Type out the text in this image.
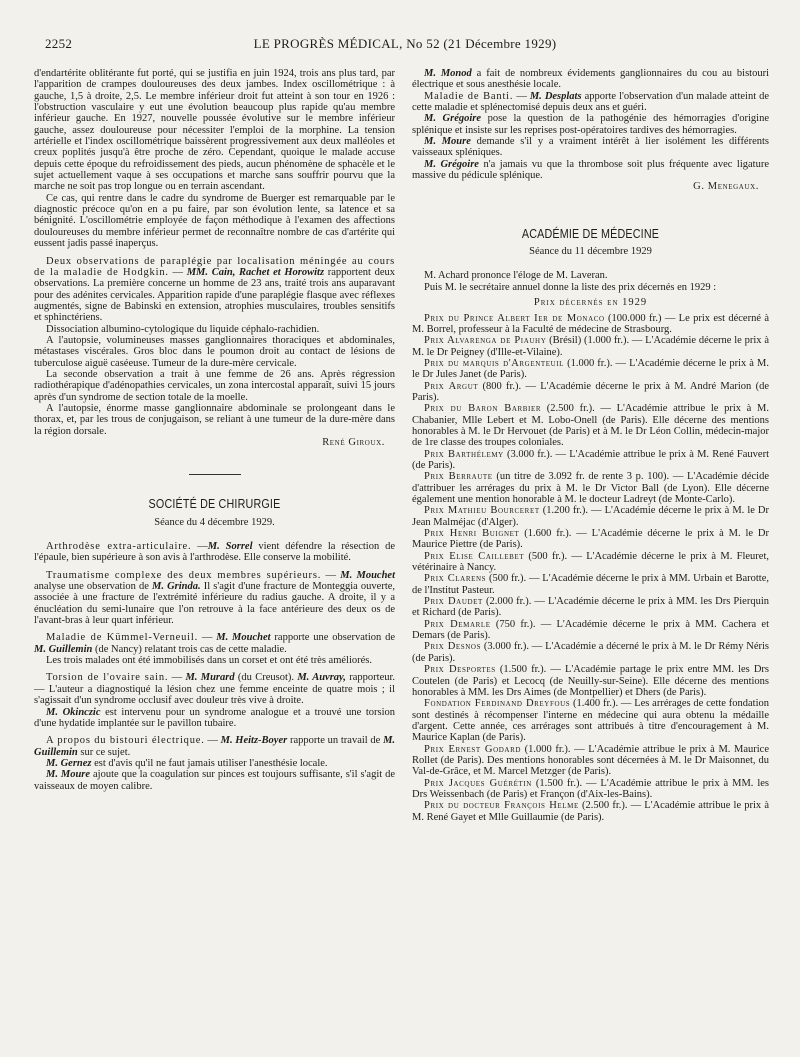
2252	LE PROGRÈS MÉDICAL, No 52 (21 Décembre 1929)

d'endartérite oblitérante fut porté, qui se justifia en juin 1924, trois ans plus tard, par l'apparition de crampes douloureuses des deux jambes. Index oscillométrique : à gauche, 1,5 à droite, 2,5. Le membre inférieur droit fut atteint à son tour en 1926 : l'obstruction vasculaire y eut une évolution beaucoup plus rapide qu'au membre inférieur gauche. En 1927, nouvelle poussée évolutive sur le membre inférieur gauche, assez douloureuse pour nécessiter l'emploi de la morphine. La tension artérielle et l'index oscillométrique baissèrent progressivement aux deux malléoles et creux poplités jusqu'à être proche de zéro. Cependant, quoique le malade accuse depuis cette époque du refroidissement des pieds, aucun phénomène de sphacèle et le sujet actuellement vaque à ses occupations et marche sans souffrir pourvu que la marche ne soit pas trop longue ou en terrain ascendant.

Ce cas, qui rentre dans le cadre du syndrome de Buerger est remarquable par le diagnostic précoce qu'on en a pu faire, par son évolution lente, sa latence et sa bénignité. L'oscillométrie employée de façon méthodique à l'examen des affections douloureuses du membre inférieur permet de reconnaître nombre de cas d'artérite qui eussent jadis passé inaperçus.

Deux observations de paraplégie par localisation méningée au cours de la maladie de Hodgkin. — MM. Cain, Rachet et Horowitz rapportent deux observations. La première concerne un homme de 23 ans, traité trois ans auparavant pour des adénites cervicales. Apparition rapide d'une paraplégie flasque avec réflexes augmentés, signe de Babinski en extension, atrophies musculaires, troubles sensitifs et sphinctériens.

Dissociation albumino-cytologique du liquide céphalo-rachidien.

A l'autopsie, volumineuses masses ganglionnaires thoraciques et abdominales, métastases viscérales. Gros bloc dans le poumon droit au contact de lésions de tuberculose aiguë caséeuse. Tumeur de la dure-mère cervicale.

La seconde observation a trait à une femme de 26 ans. Après régression radiothérapique d'adénopathies cervicales, un zona intercostal apparaît, suivi 15 jours après d'un syndrome de section totale de la moelle.

A l'autopsie, énorme masse ganglionnaire abdominale se prolongeant dans le thorax, et, par les trous de conjugaison, se reliant à une tumeur de la dure-mère dans la région dorsale.

René Giroux.

SOCIÉTÉ DE CHIRURGIE
Séance du 4 décembre 1929.

Arthrodèse extra-articulaire. —M. Sorrel vient défendre la résection de l'épaule, bien supérieure à son avis à l'arthrodèse. Elle conserve la mobilité.

Traumatisme complexe des deux membres supérieurs. — M. Mouchet analyse une observation de M. Grinda. Il s'agit d'une fracture de Monteggia ouverte, associée à une fracture de l'extrémité inférieure du radius gauche. A droite, il y a énucléation du semi-lunaire que l'on retrouve à la face antérieure des deux os de l'avant-bras à leur quart inférieur.

Maladie de Kümmel-Verneuil. — M. Mouchet rapporte une observation de M. Guillemin (de Nancy) relatant trois cas de cette maladie.

Les trois malades ont été immobilisés dans un corset et ont été très améliorés.

Torsion de l'ovaire sain. — M. Murard (du Creusot). M. Auvray, rapporteur. — L'auteur a diagnostiqué la lésion chez une femme enceinte de quatre mois ; il s'agissait d'un syndrome occlusif avec douleur très vive à droite.

M. Okinczic est intervenu pour un syndrome analogue et a trouvé une torsion d'une hydatide implantée sur le pavillon tubaire.

A propos du bistouri électrique. — M. Heitz-Boyer rapporte un travail de M. Guillemin sur ce sujet.

M. Gernez est d'avis qu'il ne faut jamais utiliser l'anesthésie locale.

M. Moure ajoute que la coagulation sur pinces est toujours suffisante, s'il s'agit de vaisseaux de moyen calibre.

M. Monod a fait de nombreux évidements ganglionnaires du cou au bistouri électrique et sous anesthésie locale.

Maladie de Banti. — M. Desplats apporte l'observation d'un malade atteint de cette maladie et splénectomisé depuis deux ans et guéri.

M. Grégoire pose la question de la pathogénie des hémorragies d'origine splénique et insiste sur les reprises post-opératoires tardives des hémorragies.

M. Moure demande s'il y a vraiment intérêt à lier isolément les différents vaisseaux spléniques.

M. Grégoire n'a jamais vu que la thrombose soit plus fréquente avec ligature massive du pédicule splénique.

G. Menegaux.

ACADÉMIE DE MÉDECINE
Séance du 11 décembre 1929

M. Achard prononce l'éloge de M. Laveran.

Puis M. le secrétaire annuel donne la liste des prix décernés en 1929 :

Prix décernés en 1929

Prix du Prince Albert Ier de Monaco (100.000 fr.) — Le prix est décerné à M. Borrel, professeur à la Faculté de médecine de Strasbourg.

Prix Alvarenga de Piauhy (Brésil) (1.000 fr.). — L'Académie décerne le prix à M. le Dr Peigney (d'Ille-et-Vilaine).

Prix du marquis d'Argenteuil (1.000 fr.). — L'Académie décerne le prix à M. le Dr Jules Janet (de Paris).

Prix Argut (800 fr.). — L'Académie décerne le prix à M. André Marion (de Paris).

Prix du Baron Barbier (2.500 fr.). — L'Académie attribue le prix à M. Chabanier, Mlle Lebert et M. Lobo-Onell (de Paris). Elle décerne des mentions honorables à M. le Dr Hervouet (de Paris) et à M. le Dr Léon Collin, médecin-major de 1re classe des troupes coloniales.

Prix Barthélemy (3.000 fr.). — L'Académie attribue le prix à M. René Fauvert (de Paris).

Prix Berraute (un titre de 3.092 fr. de rente 3 p. 100). — L'Académie décide d'attribuer les arrérages du prix à M. le Dr Victor Ball (de Lyon). Elle décerne également une mention honorable à M. le docteur Ladreyt (de Monte-Carlo).

Prix Mathieu Bourceret (1.200 fr.). — L'Académie décerne le prix à M. le Dr Jean Malméjac (d'Alger).

Prix Henri Buignet (1.600 fr.). — L'Académie décerne le prix à M. le Dr Maurice Piettre (de Paris).

Prix Elise Caillebet (500 fr.). — L'Académie décerne le prix à M. Fleuret, vétérinaire à Nancy.

Prix Clarens (500 fr.). — L'Académie décerne le prix à MM. Urbain et Barotte, de l'Institut Pasteur.

Prix Daudet (2.000 fr.). — L'Académie décerne le prix à MM. les Drs Pierquin et Richard (de Paris).

Prix Demarle (750 fr.). — L'Académie décerne le prix à MM. Cachera et Demars (de Paris).

Prix Desnos (3.000 fr.). — L'Académie a décerné le prix à M. le Dr Rémy Néris (de Paris).

Prix Desportes (1.500 fr.). — L'Académie partage le prix entre MM. les Drs Coutelen (de Paris) et Lecocq (de Neuilly-sur-Seine). Elle décerne des mentions honorables à MM. les Drs Aimes (de Montpellier) et Dhers (de Paris).

Fondation Ferdinand Dreyfous (1.400 fr.). — Les arrérages de cette fondation sont destinés à récompenser l'interne en médecine qui aura obtenu la médaille d'argent. Cette année, ces arrérages sont attribués à titre d'encouragement à M. Maurice Kaplan (de Paris).

Prix Ernest Godard (1.000 fr.). — L'Académie attribue le prix à M. Maurice Rollet (de Paris). Des mentions honorables sont décernées à M. le Dr Maisonnet, du Val-de-Grâce, et M. Marcel Metzger (de Paris).

Prix Jacques Guérétin (1.500 fr.). — L'Académie attribue le prix à MM. les Drs Weissenbach (de Paris) et Françon (d'Aix-les-Bains).

Prix du docteur François Helme (2.500 fr.). — L'Académie attribue le prix à M. René Gayet et Mlle Guillaumie (de Paris).
